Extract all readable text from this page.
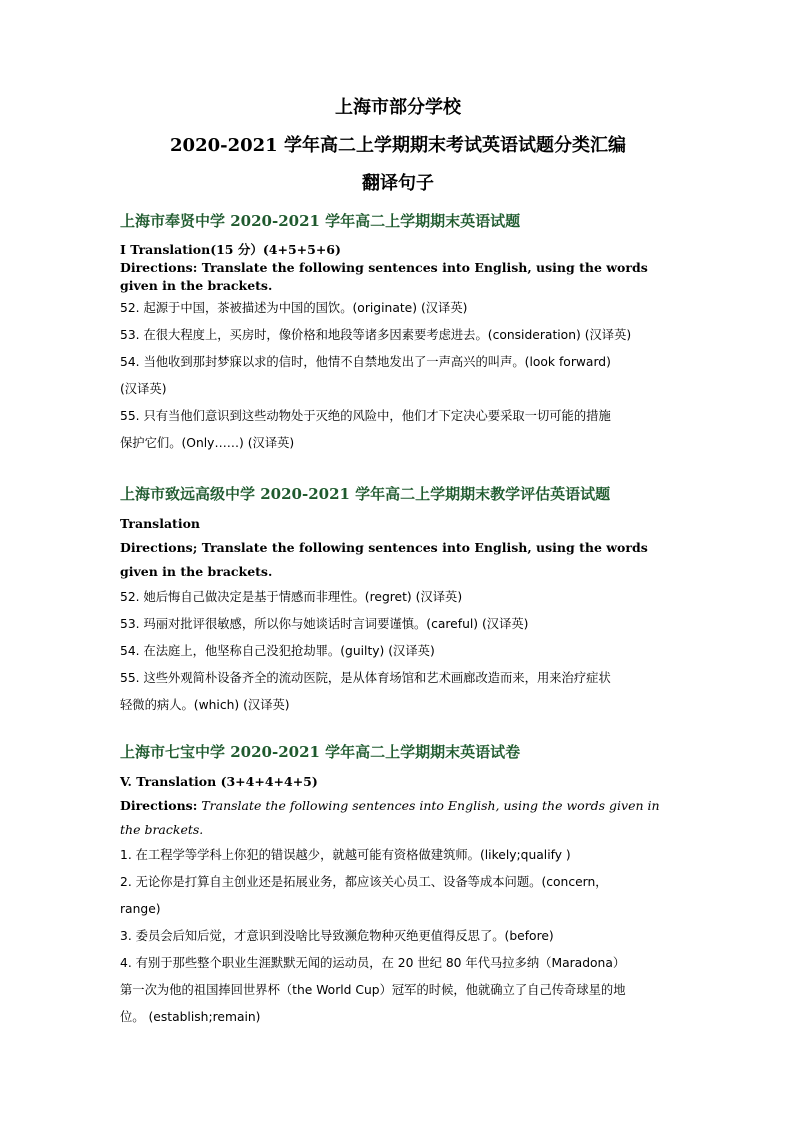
上海市部分学校

2020-2021 学年高二上学期期末考试英语试题分类汇编

翻译句子

上海市奉贤中学 2020-2021 学年高二上学期期末英语试题

I Translation(15 分）(4+5+5+6)

Directions: Translate the following sentences into English, using the words given in the brackets.

52. 起源于中国，茶被描述为中国的国饮。(originate) (汉译英)

53. 在很大程度上，买房时，像价格和地段等诸多因素要考虑进去。(consideration) (汉译英)

54. 当他收到那封梦寐以求的信时，他情不自禁地发出了一声高兴的叫声。(look forward)

(汉译英)

55. 只有当他们意识到这些动物处于灭绝的风险中，他们才下定决心要采取一切可能的措施

保护它们。(Only……) (汉译英)

上海市致远高级中学 2020-2021 学年高二上学期期末教学评估英语试题

Translation

Directions; Translate the following sentences into English, using the words given in the brackets.

52. 她后悔自己做决定是基于情感而非理性。(regret) (汉译英)

53. 玛丽对批评很敏感，所以你与她谈话时言词要谨慎。(careful) (汉译英)

54. 在法庭上，他坚称自己没犯抢劫罪。(guilty) (汉译英)

55. 这些外观简朴设备齐全的流动医院，是从体育场馆和艺术画廊改造而来，用来治疗症状

轻微的病人。(which) (汉译英)

上海市七宝中学 2020-2021 学年高二上学期期末英语试卷

V. Translation (3+4+4+4+5)

Directions: Translate the following sentences into English, using the words given in the brackets.

1. 在工程学等学科上你犯的错误越少，就越可能有资格做建筑师。(likely;qualify )

2. 无论你是打算自主创业还是拓展业务，都应该关心员工、设备等成本问题。(concern，

range)

3. 委员会后知后觉，才意识到没啥比导致濒危物种灭绝更值得反思了。(before)

4. 有别于那些整个职业生涯默默无闻的运动员，在 20 世纪 80 年代马拉多纳（Maradona）

第一次为他的祖国捧回世界杯（the World Cup）冠军的时候，他就确立了自己传奇球星的地

位。 (establish;remain)
